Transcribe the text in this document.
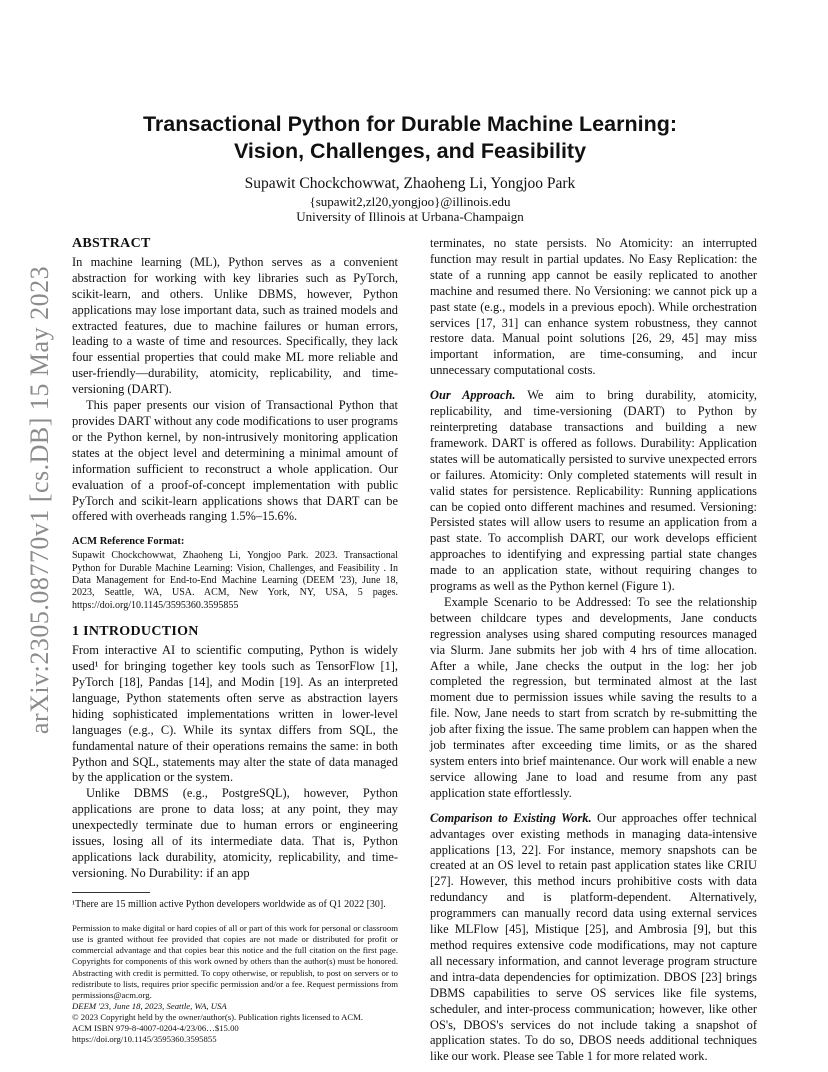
arXiv:2305.08770v1 [cs.DB] 15 May 2023
Transactional Python for Durable Machine Learning:
Vision, Challenges, and Feasibility
Supawit Chockchowwat, Zhaoheng Li, Yongjoo Park
{supawit2,zl20,yongjoo}@illinois.edu
University of Illinois at Urbana-Champaign
ABSTRACT

In machine learning (ML), Python serves as a convenient abstraction for working with key libraries such as PyTorch, scikit-learn, and others. Unlike DBMS, however, Python applications may lose important data, such as trained models and extracted features, due to machine failures or human errors, leading to a waste of time and resources. Specifically, they lack four essential properties that could make ML more reliable and user-friendly—durability, atomicity, replicability, and time-versioning (DART).

This paper presents our vision of Transactional Python that provides DART without any code modifications to user programs or the Python kernel, by non-intrusively monitoring application states at the object level and determining a minimal amount of information sufficient to reconstruct a whole application. Our evaluation of a proof-of-concept implementation with public PyTorch and scikit-learn applications shows that DART can be offered with overheads ranging 1.5%–15.6%.

ACM Reference Format:

Supawit Chockchowwat, Zhaoheng Li, Yongjoo Park. 2023. Transactional Python for Durable Machine Learning: Vision, Challenges, and Feasibility . In Data Management for End-to-End Machine Learning (DEEM '23), June 18, 2023, Seattle, WA, USA. ACM, New York, NY, USA, 5 pages. https://doi.org/10.1145/3595360.3595855

1 INTRODUCTION

From interactive AI to scientific computing, Python is widely used¹ for bringing together key tools such as TensorFlow [1], PyTorch [18], Pandas [14], and Modin [19]. As an interpreted language, Python statements often serve as abstraction layers hiding sophisticated implementations written in lower-level languages (e.g., C). While its syntax differs from SQL, the fundamental nature of their operations remains the same: in both Python and SQL, statements may alter the state of data managed by the application or the system.

Unlike DBMS (e.g., PostgreSQL), however, Python applications are prone to data loss; at any point, they may unexpectedly terminate due to human errors or engineering issues, losing all of its intermediate data. That is, Python applications lack durability, atomicity, replicability, and time-versioning. No Durability: if an app

¹There are 15 million active Python developers worldwide as of Q1 2022 [30].

Permission to make digital or hard copies of all or part of this work for personal or classroom use is granted without fee provided that copies are not made or distributed for profit or commercial advantage and that copies bear this notice and the full citation on the first page. Copyrights for components of this work owned by others than the author(s) must be honored. Abstracting with credit is permitted. To copy otherwise, or republish, to post on servers or to redistribute to lists, requires prior specific permission and/or a fee. Request permissions from permissions@acm.org.
DEEM '23, June 18, 2023, Seattle, WA, USA
© 2023 Copyright held by the owner/author(s). Publication rights licensed to ACM.
ACM ISBN 979-8-4007-0204-4/23/06…$15.00
https://doi.org/10.1145/3595360.3595855

terminates, no state persists. No Atomicity: an interrupted function may result in partial updates. No Easy Replication: the state of a running app cannot be easily replicated to another machine and resumed there. No Versioning: we cannot pick up a past state (e.g., models in a previous epoch). While orchestration services [17, 31] can enhance system robustness, they cannot restore data. Manual point solutions [26, 29, 45] may miss important information, are time-consuming, and incur unnecessary computational costs.

Our Approach. We aim to bring durability, atomicity, replicability, and time-versioning (DART) to Python by reinterpreting database transactions and building a new framework. DART is offered as follows. Durability: Application states will be automatically persisted to survive unexpected errors or failures. Atomicity: Only completed statements will result in valid states for persistence. Replicability: Running applications can be copied onto different machines and resumed. Versioning: Persisted states will allow users to resume an application from a past state. To accomplish DART, our work develops efficient approaches to identifying and expressing partial state changes made to an application state, without requiring changes to programs as well as the Python kernel (Figure 1).

Example Scenario to be Addressed: To see the relationship between childcare types and developments, Jane conducts regression analyses using shared computing resources managed via Slurm. Jane submits her job with 4 hrs of time allocation. After a while, Jane checks the output in the log: her job completed the regression, but terminated almost at the last moment due to permission issues while saving the results to a file. Now, Jane needs to start from scratch by re-submitting the job after fixing the issue. The same problem can happen when the job terminates after exceeding time limits, or as the shared system enters into brief maintenance. Our work will enable a new service allowing Jane to load and resume from any past application state effortlessly.

Comparison to Existing Work. Our approaches offer technical advantages over existing methods in managing data-intensive applications [13, 22]. For instance, memory snapshots can be created at an OS level to retain past application states like CRIU [27]. However, this method incurs prohibitive costs with data redundancy and is platform-dependent. Alternatively, programmers can manually record data using external services like MLFlow [45], Mistique [25], and Ambrosia [9], but this method requires extensive code modifications, may not capture all necessary information, and cannot leverage program structure and intra-data dependencies for optimization. DBOS [23] brings DBMS capabilities to serve OS services like file systems, scheduler, and inter-process communication; however, like other OS's, DBOS's services do not include taking a snapshot of application states. To do so, DBOS needs additional techniques like our work. Please see Table 1 for more related work.
